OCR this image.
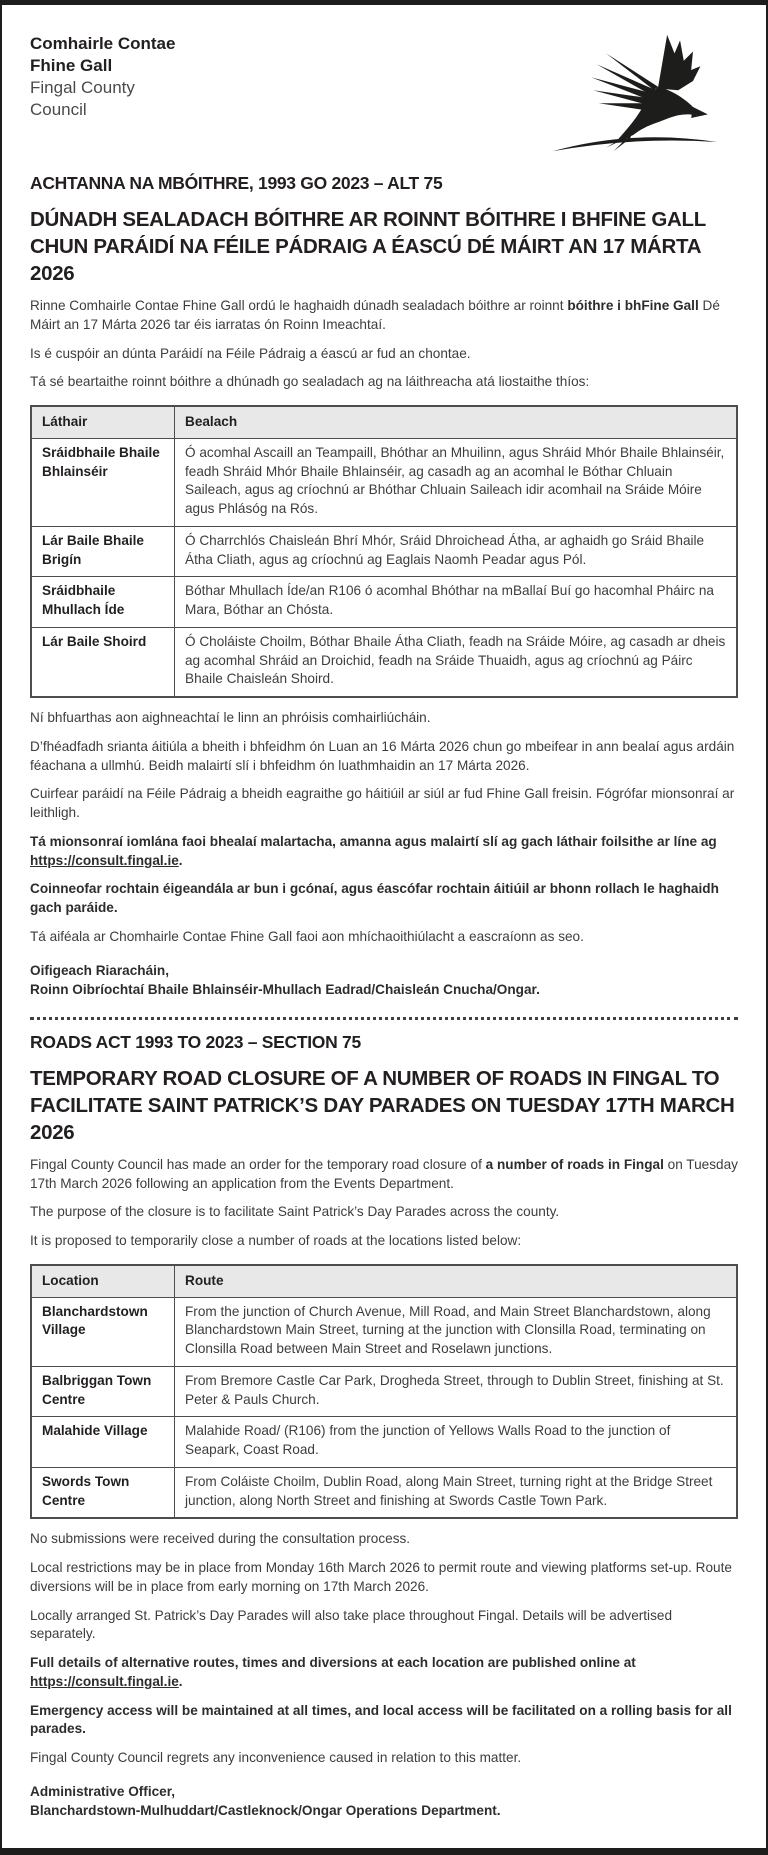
Comhairle Contae
Fhine Gall
Fingal County
Council
ACHTANNA NA MBÓITHRE, 1993 GO 2023 – ALT 75
DÚNADH SEALADACH BÓITHRE AR ROINNT BÓITHRE I BHFINE GALL CHUN PARÁIDÍ NA FÉILE PÁDRAIG A ÉASCÚ DÉ MÁIRT AN 17 MÁRTA 2026

Rinne Comhairle Contae Fhine Gall ordú le haghaidh dúnadh sealadach bóithre ar roinnt bóithre i bhFine Gall Dé Máirt an 17 Márta 2026 tar éis iarratas ón Roinn Imeachtaí.

Is é cuspóir an dúnta Paráidí na Féile Pádraig a éascú ar fud an chontae.

Tá sé beartaithe roinnt bóithre a dhúnadh go sealadach ag na láithreacha atá liostaithe thíos:

Láthair	Bealach
Sráidbhaile Bhaile Bhlainséir	Ó acomhal Ascaill an Teampaill, Bhóthar an Mhuilinn, agus Shráid Mhór Bhaile Bhlainséir, feadh Shráid Mhór Bhaile Bhlainséir, ag casadh ag an acomhal le Bóthar Chluain Saileach, agus ag críochnú ar Bhóthar Chluain Saileach idir acomhail na Sráide Móire agus Phlásóg na Rós.
Lár Baile Bhaile Brigín	Ó Charrchlós Chaisleán Bhrí Mhór, Sráid Dhroichead Átha, ar aghaidh go Sráid Bhaile Átha Cliath, agus ag críochnú ag Eaglais Naomh Peadar agus Pól.
Sráidbhaile Mhullach Íde	Bóthar Mhullach Íde/an R106 ó acomhal Bhóthar na mBallaí Buí go hacomhal Pháirc na Mara, Bóthar an Chósta.
Lár Baile Shoird	Ó Choláiste Choilm, Bóthar Bhaile Átha Cliath, feadh na Sráide Móire, ag casadh ar dheis ag acomhal Shráid an Droichid, feadh na Sráide Thuaidh, agus ag críochnú ag Páirc Bhaile Chaisleán Shoird.

Ní bhfuarthas aon aighneachtaí le linn an phróisis comhairliúcháin.

D’fhéadfadh srianta áitiúla a bheith i bhfeidhm ón Luan an 16 Márta 2026 chun go mbeifear in ann bealaí agus ardáin féachana a ullmhú. Beidh malairtí slí i bhfeidhm ón luathmhaidin an 17 Márta 2026.

Cuirfear paráidí na Féile Pádraig a bheidh eagraithe go háitiúil ar siúl ar fud Fhine Gall freisin. Fógrófar mionsonraí ar leithligh.

Tá mionsonraí iomlána faoi bhealaí malartacha, amanna agus malairtí slí ag gach láthair foilsithe ar líne ag https://consult.fingal.ie.

Coinneofar rochtain éigeandála ar bun i gcónaí, agus éascófar rochtain áitiúil ar bhonn rollach le haghaidh gach paráide.

Tá aiféala ar Chomhairle Contae Fhine Gall faoi aon mhíchaoithiúlacht a eascraíonn as seo.

Oifigeach Riaracháin,
Roinn Oibríochtaí Bhaile Bhlainséir-Mhullach Eadrad/Chaisleán Cnucha/Ongar.
ROADS ACT 1993 TO 2023 – SECTION 75
TEMPORARY ROAD CLOSURE OF A NUMBER OF ROADS IN FINGAL TO FACILITATE SAINT PATRICK’S DAY PARADES ON TUESDAY 17TH MARCH 2026

Fingal County Council has made an order for the temporary road closure of a number of roads in Fingal on Tuesday 17th March 2026 following an application from the Events Department.

The purpose of the closure is to facilitate Saint Patrick’s Day Parades across the county.

It is proposed to temporarily close a number of roads at the locations listed below:

Location	Route
Blanchardstown Village	From the junction of Church Avenue, Mill Road, and Main Street Blanchardstown, along Blanchardstown Main Street, turning at the junction with Clonsilla Road, terminating on Clonsilla Road between Main Street and Roselawn junctions.
Balbriggan Town Centre	From Bremore Castle Car Park, Drogheda Street, through to Dublin Street, finishing at St. Peter & Pauls Church.
Malahide Village	Malahide Road/ (R106) from the junction of Yellows Walls Road to the junction of Seapark, Coast Road.
Swords Town Centre	From Coláiste Choilm, Dublin Road, along Main Street, turning right at the Bridge Street junction, along North Street and finishing at Swords Castle Town Park.

No submissions were received during the consultation process.

Local restrictions may be in place from Monday 16th March 2026 to permit route and viewing platforms set-up. Route diversions will be in place from early morning on 17th March 2026.

Locally arranged St. Patrick’s Day Parades will also take place throughout Fingal. Details will be advertised separately.

Full details of alternative routes, times and diversions at each location are published online at https://consult.fingal.ie.

Emergency access will be maintained at all times, and local access will be facilitated on a rolling basis for all parades.

Fingal County Council regrets any inconvenience caused in relation to this matter.

Administrative Officer,
Blanchardstown-Mulhuddart/Castleknock/Ongar Operations Department.
